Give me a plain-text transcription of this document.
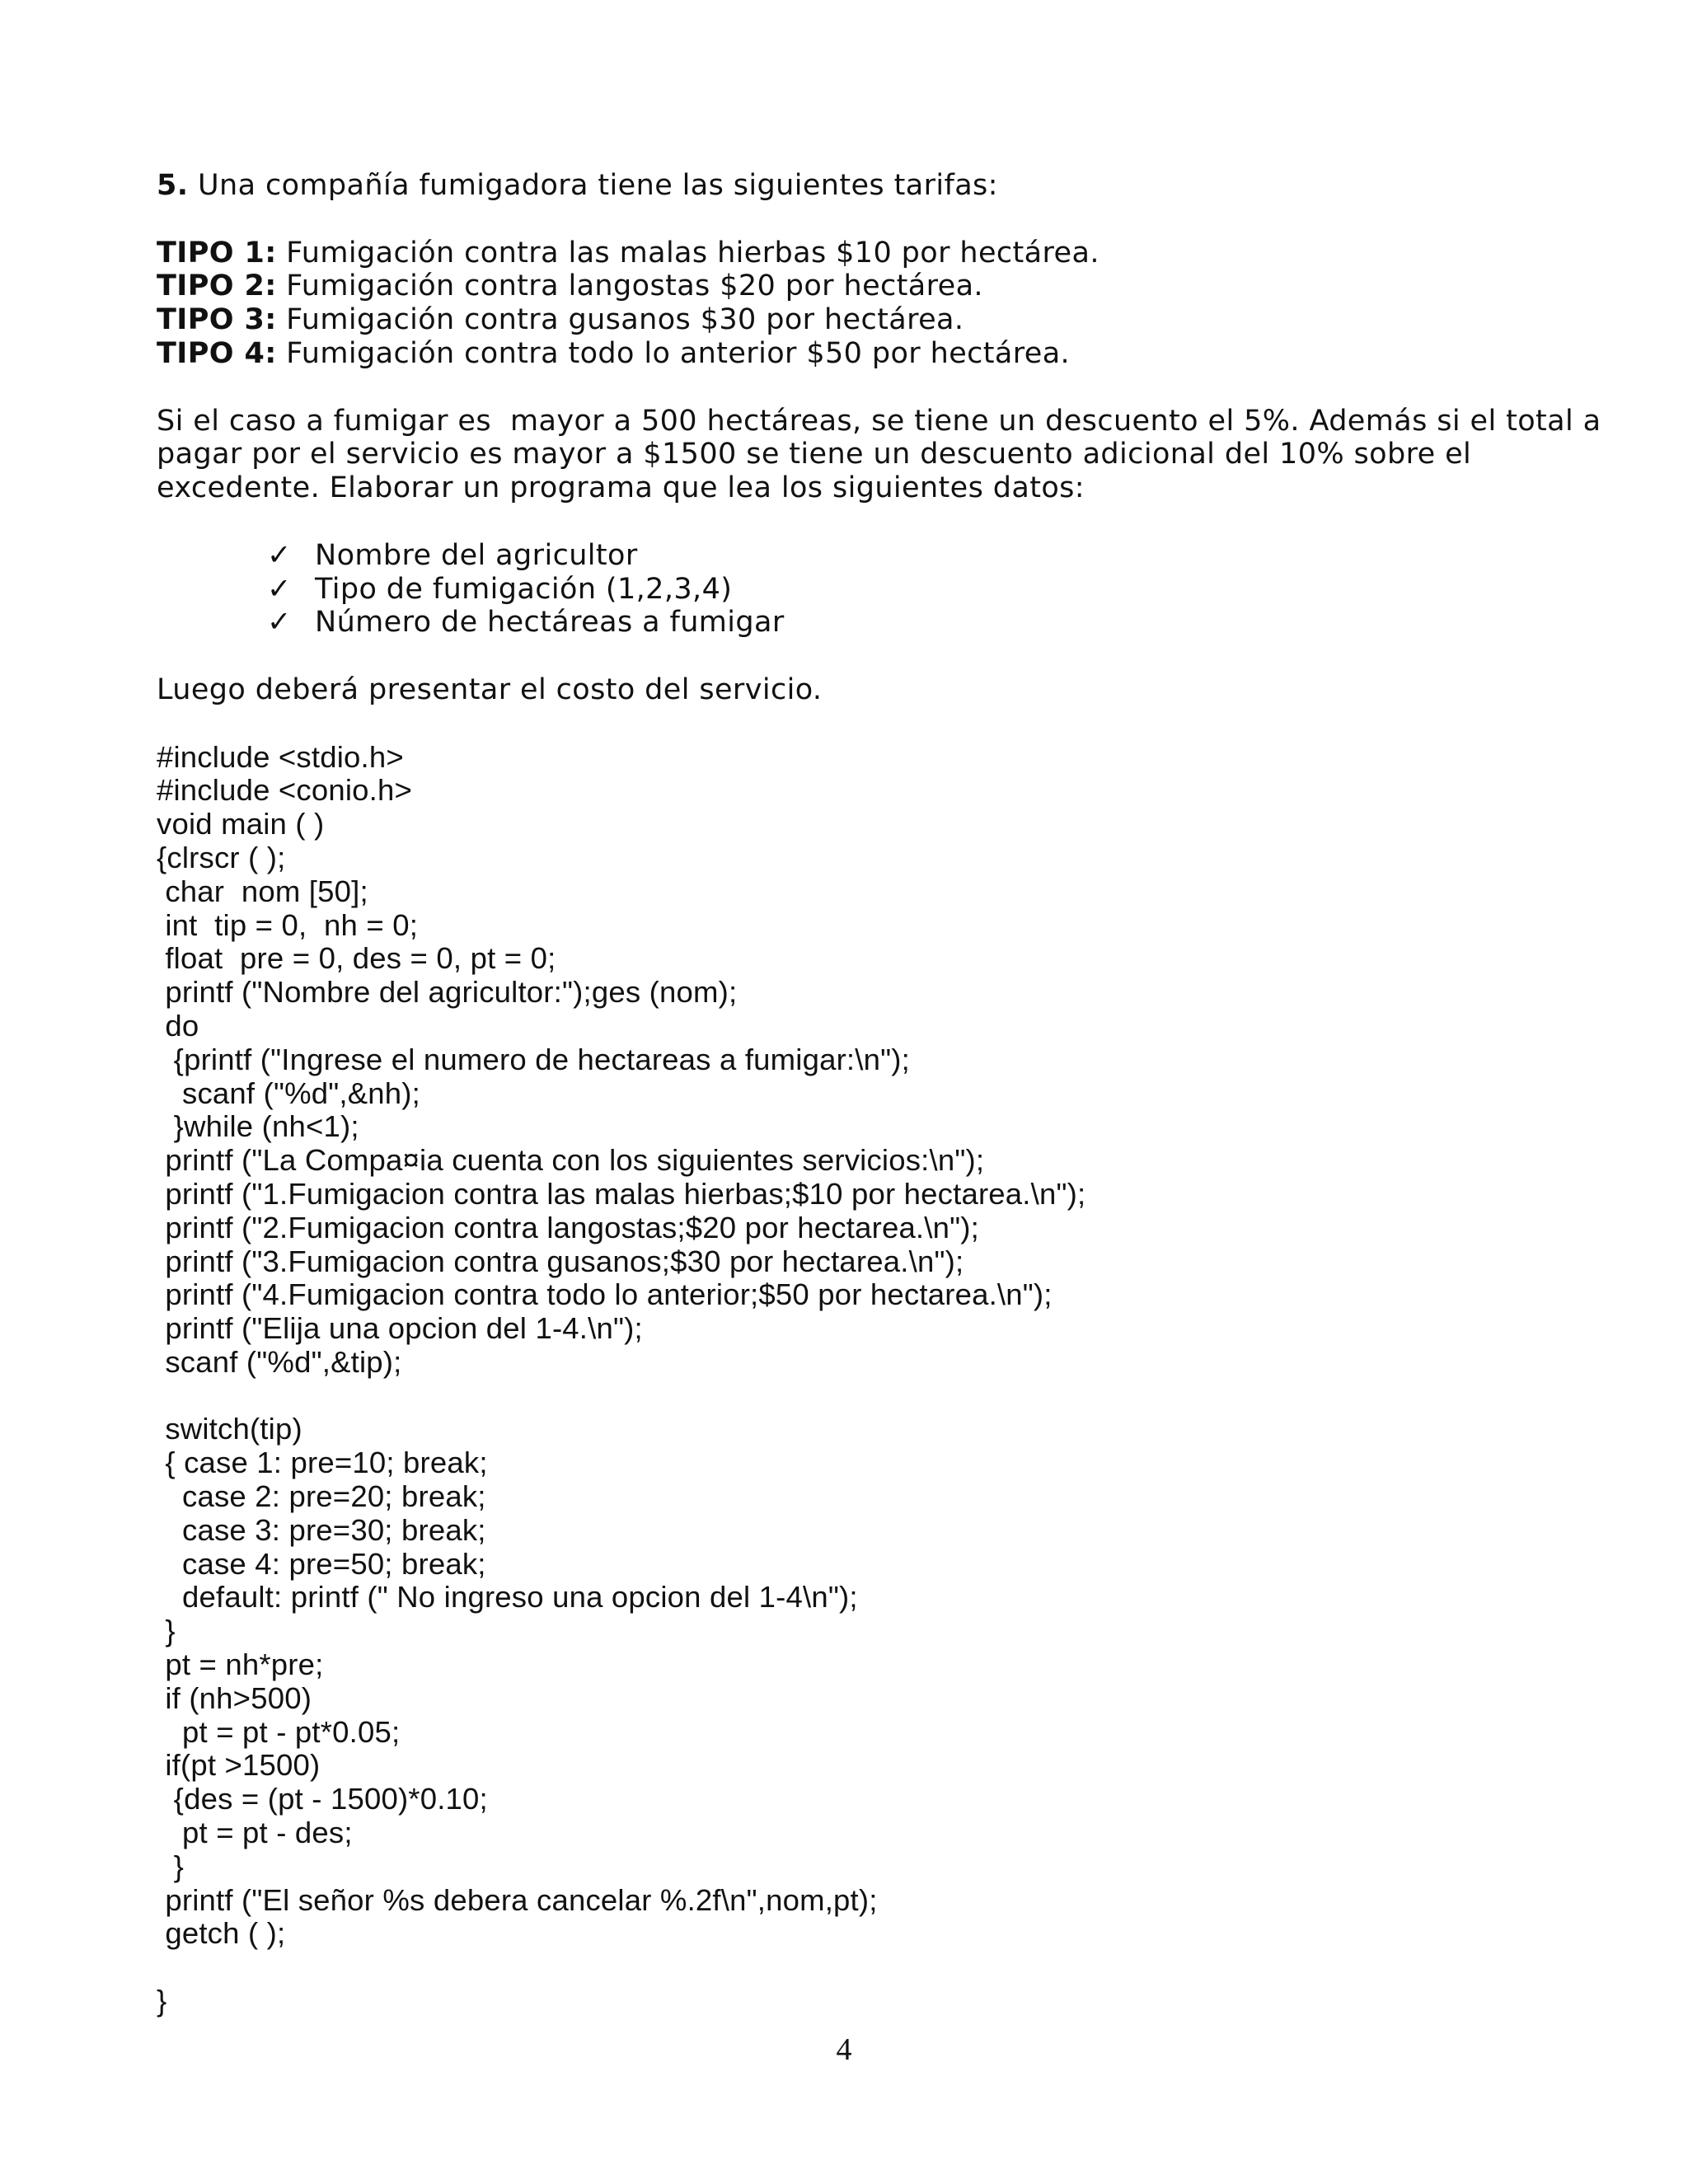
5. Una compañía fumigadora tiene las siguientes tarifas:
TIPO 1: Fumigación contra las malas hierbas $10 por hectárea.
TIPO 2: Fumigación contra langostas $20 por hectárea.
TIPO 3: Fumigación contra gusanos $30 por hectárea.
TIPO 4: Fumigación contra todo lo anterior $50 por hectárea.
Si el caso a fumigar es  mayor a 500 hectáreas, se tiene un descuento el 5%. Además si el total a
pagar por el servicio es mayor a $1500 se tiene un descuento adicional del 10% sobre el
excedente. Elaborar un programa que lea los siguientes datos:
✓ Nombre del agricultor
✓ Tipo de fumigación (1,2,3,4)
✓ Número de hectáreas a fumigar
Luego deberá presentar el costo del servicio.
#include <stdio.h>
#include <conio.h>
void main ( )
{clrscr ( );
char  nom [50];
int  tip = 0,  nh = 0;
float  pre = 0, des = 0, pt = 0;
printf ("Nombre del agricultor:");ges (nom);
do
{printf ("Ingrese el numero de hectareas a fumigar:\n");
scanf ("%d",&nh);
}while (nh<1);
printf ("La Compa¤ia cuenta con los siguientes servicios:\n");
printf ("1.Fumigacion contra las malas hierbas;$10 por hectarea.\n");
printf ("2.Fumigacion contra langostas;$20 por hectarea.\n");
printf ("3.Fumigacion contra gusanos;$30 por hectarea.\n");
printf ("4.Fumigacion contra todo lo anterior;$50 por hectarea.\n");
printf ("Elija una opcion del 1-4.\n");
scanf ("%d",&tip);
switch(tip)
{ case 1: pre=10; break;
case 2: pre=20; break;
case 3: pre=30; break;
case 4: pre=50; break;
default: printf (" No ingreso una opcion del 1-4\n");
}
pt = nh*pre;
if (nh>500)
pt = pt - pt*0.05;
if(pt >1500)
{des = (pt - 1500)*0.10;
pt = pt - des;
}
printf ("El señor %s debera cancelar %.2f\n",nom,pt);
getch ( );
}
4
